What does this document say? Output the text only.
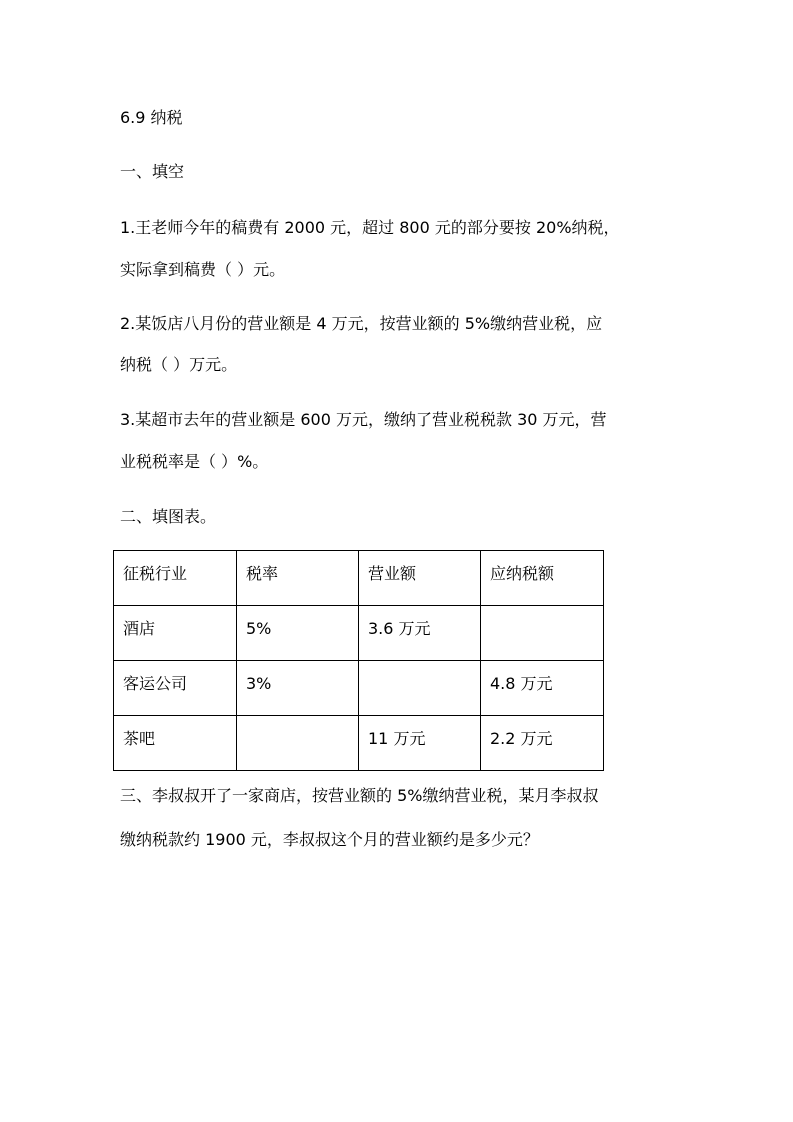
6.9 纳税
一、填空
1.王老师今年的稿费有 2000 元，超过 800 元的部分要按 20%纳税，
实际拿到稿费（ ）元。
2.某饭店八月份的营业额是 4 万元，按营业额的 5%缴纳营业税，应
纳税（ ）万元。
3.某超市去年的营业额是 600 万元，缴纳了营业税税款 30 万元，营
业税税率是（ ）%。
二、填图表。
征税行业	税率	营业额	应纳税额

酒店	5%	3.6 万元	

客运公司	3%		4.8 万元

茶吧		11 万元	2.2 万元
三、李叔叔开了一家商店，按营业额的 5%缴纳营业税，某月李叔叔
缴纳税款约 1900 元，李叔叔这个月的营业额约是多少元？
